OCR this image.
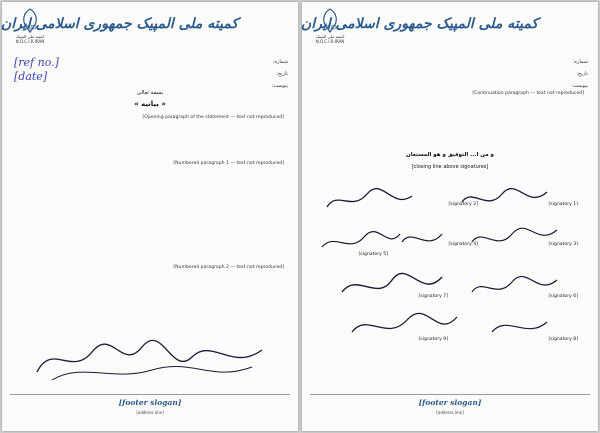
کمیته ملی المپیک
N.O.C.I.R.IRAN
کمیته ملی المپیک جمهوری اسلامی ایران
شماره:
تاریخ:
پیوست:
[ref no.]
[date]
بسمه تعالی
« بیانیه »
[Opening paragraph of the statement — text not reproduced]
[Numbered paragraph 1 — text not reproduced]
[Numbered paragraph 2 — text not reproduced]
[footer slogan]
[address line]
کمیته ملی المپیک
N.O.C.I.R.IRAN
کمیته ملی المپیک جمهوری اسلامی ایران
شماره:
تاریخ:
پیوست:
[Continuation paragraph — text not reproduced]
و من ا... التوفیق و هو المستعان
[closing line above signatures]
[signatory 1]
[signatory 2]
[signatory 3]
[signatory 4]
[signatory 5]
[signatory 6]
[signatory 7]
[signatory 8]
[signatory 9]
[footer slogan]
[address line]
